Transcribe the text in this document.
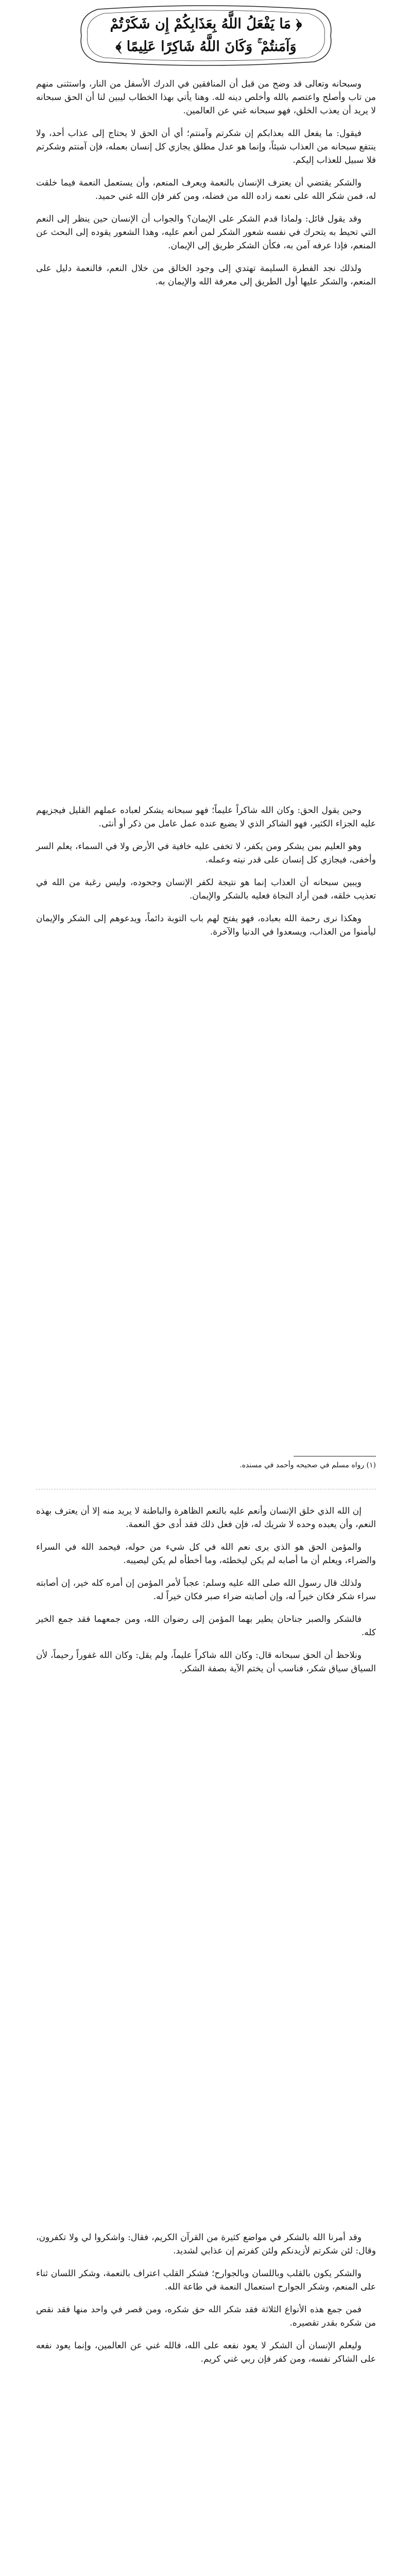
﴿ مَا يَفْعَلُ اللَّهُ بِعَذَابِكُمْ إِن شَكَرْتُمْ وَآمَنتُمْ ۚ وَكَانَ اللَّهُ شَاكِرًا عَلِيمًا ﴾

وسبحانه وتعالى قد وضح من قبل أن المنافقين في الدرك الأسفل من النار، واستثنى منهم من تاب وأصلح واعتصم بالله وأخلص دينه لله. وهنا يأتي بهذا الخطاب ليبين لنا أن الحق سبحانه لا يريد أن يعذب الخلق، فهو سبحانه غني عن العالمين.

فيقول: ما يفعل الله بعذابكم إن شكرتم وآمنتم؛ أي أن الحق لا يحتاج إلى عذاب أحد، ولا ينتفع سبحانه من العذاب شيئاً، وإنما هو عدل مطلق يجازي كل إنسان بعمله، فإن آمنتم وشكرتم فلا سبيل للعذاب إليكم.

والشكر يقتضي أن يعترف الإنسان بالنعمة ويعرف المنعم، وأن يستعمل النعمة فيما خلقت له، فمن شكر الله على نعمه زاده الله من فضله، ومن كفر فإن الله غني حميد.

وقد يقول قائل: ولماذا قدم الشكر على الإيمان؟ والجواب أن الإنسان حين ينظر إلى النعم التي تحيط به يتحرك في نفسه شعور الشكر لمن أنعم عليه، وهذا الشعور يقوده إلى البحث عن المنعم، فإذا عرفه آمن به، فكأن الشكر طريق إلى الإيمان.

ولذلك نجد الفطرة السليمة تهتدي إلى وجود الخالق من خلال النعم، فالنعمة دليل على المنعم، والشكر عليها أول الطريق إلى معرفة الله والإيمان به.

وحين يقول الحق: وكان الله شاكراً عليماً؛ فهو سبحانه يشكر لعباده عملهم القليل فيجزيهم عليه الجزاء الكثير، فهو الشاكر الذي لا يضيع عنده عمل عامل من ذكر أو أنثى.

وهو العليم بمن يشكر ومن يكفر، لا تخفى عليه خافية في الأرض ولا في السماء، يعلم السر وأخفى، فيجازي كل إنسان على قدر نيته وعمله.

ويبين سبحانه أن العذاب إنما هو نتيجة لكفر الإنسان وجحوده، وليس رغبة من الله في تعذيب خلقه، فمن أراد النجاة فعليه بالشكر والإيمان.

وهكذا نرى رحمة الله بعباده، فهو يفتح لهم باب التوبة دائماً، ويدعوهم إلى الشكر والإيمان ليأمنوا من العذاب، ويسعدوا في الدنيا والآخرة.

(١) رواه مسلم في صحيحه وأحمد في مسنده.

إن الله الذي خلق الإنسان وأنعم عليه بالنعم الظاهرة والباطنة لا يريد منه إلا أن يعترف بهذه النعم، وأن يعبده وحده لا شريك له، فإن فعل ذلك فقد أدى حق النعمة.

والمؤمن الحق هو الذي يرى نعم الله في كل شيء من حوله، فيحمد الله في السراء والضراء، ويعلم أن ما أصابه لم يكن ليخطئه، وما أخطأه لم يكن ليصيبه.

ولذلك قال رسول الله صلى الله عليه وسلم: عجباً لأمر المؤمن إن أمره كله خير، إن أصابته سراء شكر فكان خيراً له، وإن أصابته ضراء صبر فكان خيراً له.

فالشكر والصبر جناحان يطير بهما المؤمن إلى رضوان الله، ومن جمعهما فقد جمع الخير كله.

ونلاحظ أن الحق سبحانه قال: وكان الله شاكراً عليماً، ولم يقل: وكان الله غفوراً رحيماً، لأن السياق سياق شكر، فناسب أن يختم الآية بصفة الشكر.

وقد أمرنا الله بالشكر في مواضع كثيرة من القرآن الكريم، فقال: واشكروا لي ولا تكفرون، وقال: لئن شكرتم لأزيدنكم ولئن كفرتم إن عذابي لشديد.

والشكر يكون بالقلب وباللسان وبالجوارح؛ فشكر القلب اعتراف بالنعمة، وشكر اللسان ثناء على المنعم، وشكر الجوارح استعمال النعمة في طاعة الله.

فمن جمع هذه الأنواع الثلاثة فقد شكر الله حق شكره، ومن قصر في واحد منها فقد نقص من شكره بقدر تقصيره.

وليعلم الإنسان أن الشكر لا يعود نفعه على الله، فالله غني عن العالمين، وإنما يعود نفعه على الشاكر نفسه، ومن كفر فإن ربي غني كريم.
